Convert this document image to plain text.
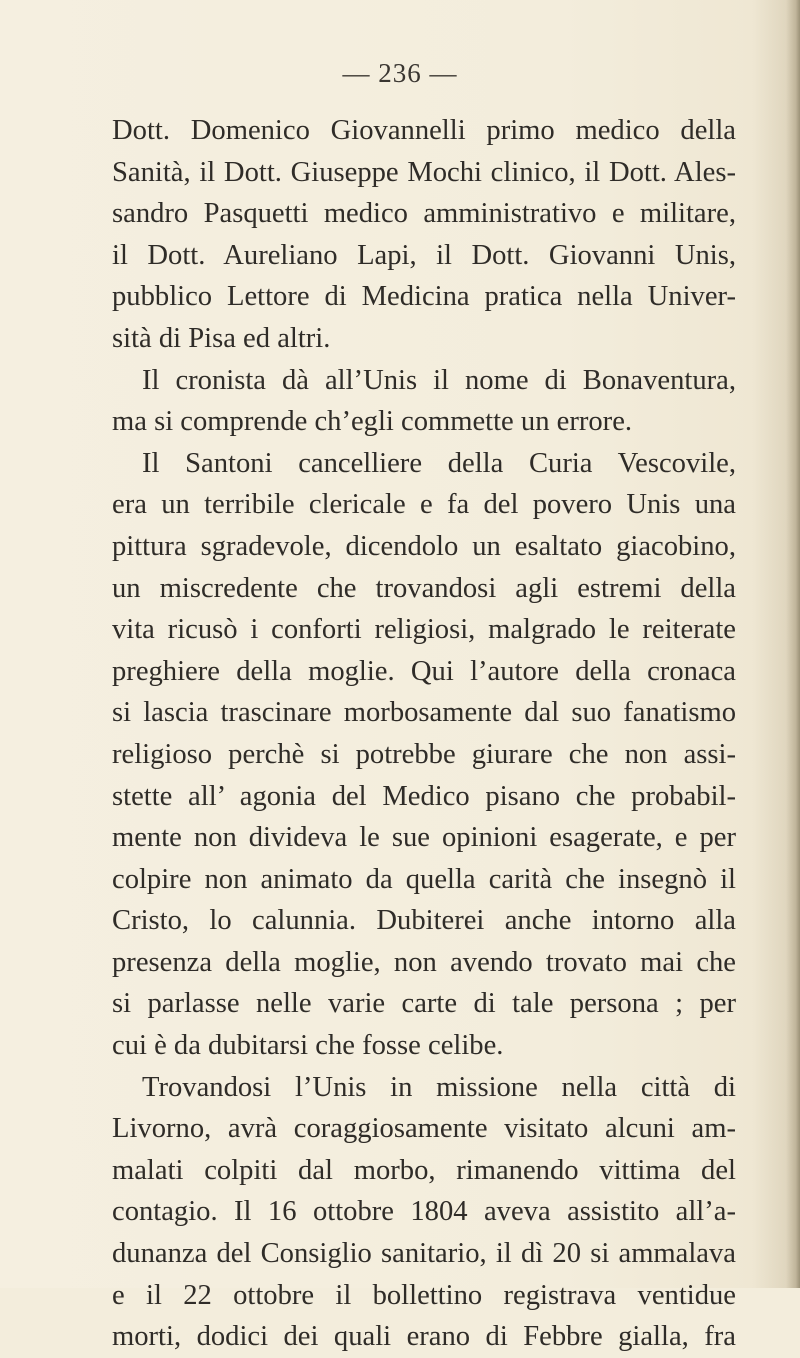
— 236 —
Dott. Domenico Giovannelli primo medico della
Sanità, il Dott. Giuseppe Mochi clinico, il Dott. Ales-
sandro Pasquetti medico amministrativo e militare,
il Dott. Aureliano Lapi, il Dott. Giovanni Unis,
pubblico Lettore di Medicina pratica nella Univer-
sità di Pisa ed altri.
Il cronista dà all’Unis il nome di Bonaventura,
ma si comprende ch’egli commette un errore.
Il Santoni cancelliere della Curia Vescovile,
era un terribile clericale e fa del povero Unis una
pittura sgradevole, dicendolo un esaltato giacobino,
un miscredente che trovandosi agli estremi della
vita ricusò i conforti religiosi, malgrado le reiterate
preghiere della moglie. Qui l’autore della cronaca
si lascia trascinare morbosamente dal suo fanatismo
religioso perchè si potrebbe giurare che non assi-
stette all’ agonia del Medico pisano che probabil-
mente non divideva le sue opinioni esagerate, e per
colpire non animato da quella carità che insegnò il
Cristo, lo calunnia. Dubiterei anche intorno alla
presenza della moglie, non avendo trovato mai che
si parlasse nelle varie carte di tale persona ; per
cui è da dubitarsi che fosse celibe.
Trovandosi l’Unis in missione nella città di
Livorno, avrà coraggiosamente visitato alcuni am-
malati colpiti dal morbo, rimanendo vittima del
contagio. Il 16 ottobre 1804 aveva assistito all’a-
dunanza del Consiglio sanitario, il dì 20 si ammalava
e il 22 ottobre il bollettino registrava ventidue
morti, dodici dei quali erano di Febbre gialla, fra
